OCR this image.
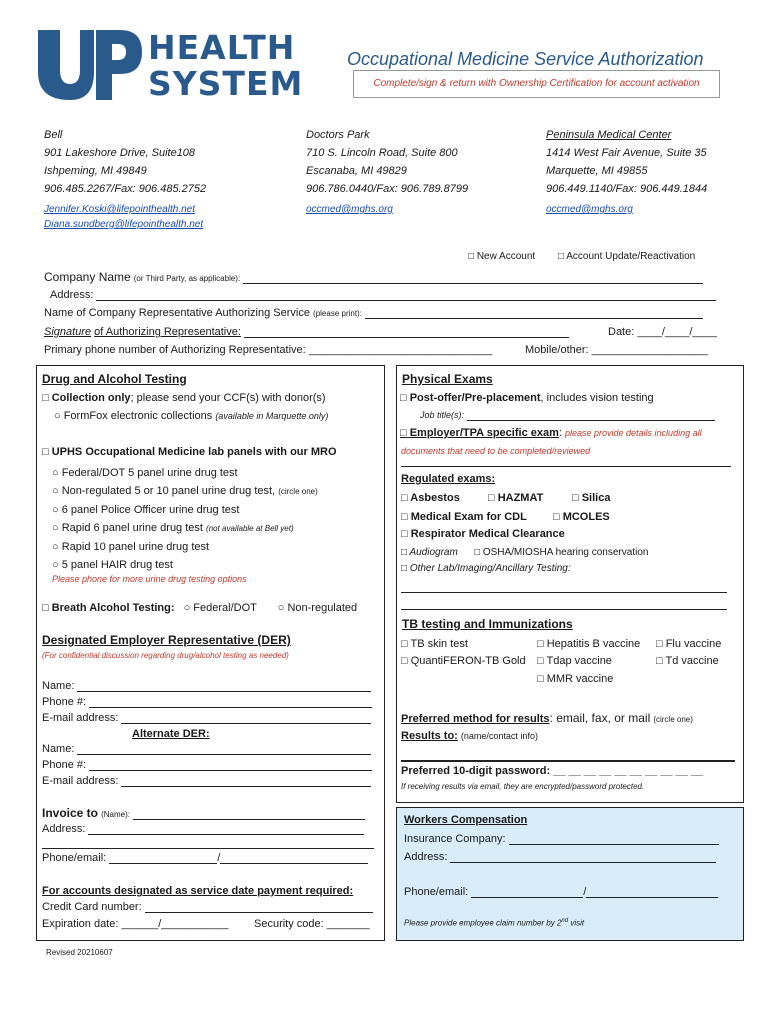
HEALTH
SYSTEM
Occupational Medicine Service Authorization
Complete/sign & return with Ownership Certification for account activation
Bell
901 Lakeshore Drive, Suite108
Ishpeming, MI 49849
906.485.2267/Fax: 906.485.2752
Jennifer.Koski@lifepointhealth.net
Diana.sundberg@lifepointhealth.net
Doctors Park
710 S. Lincoln Road, Suite 800
Escanaba, MI 49829
906.786.0440/Fax: 906.789.8799
occmed@mghs.org
Peninsula Medical Center
1414 West Fair Avenue, Suite 35
Marquette, MI 49855
906.449.1140/Fax: 906.449.1844
occmed@mghs.org
□ New Account □ Account Update/Reactivation
Company Name (or Third Party, as applicable):
Address:
Name of Company Representative Authorizing Service (please print):
Signature of Authorizing Representative:	Date: ____/____/____
Primary phone number of Authorizing Representative: ______________________________	Mobile/other: ___________________
Drug and Alcohol Testing
□ Collection only; please send your CCF(s) with donor(s)
○ FormFox electronic collections (available in Marquette only)
□ UPHS Occupational Medicine lab panels with our MRO
○ Federal/DOT 5 panel urine drug test
○ Non-regulated 5 or 10 panel urine drug test, (circle one)
○ 6 panel Police Officer urine drug test
○ Rapid 6 panel urine drug test (not available at Bell yet)
○ Rapid 10 panel urine drug test
○ 5 panel HAIR drug test
Please phone for more urine drug testing options
□ Breath Alcohol Testing: ○ Federal/DOT ○ Non-regulated
Designated Employer Representative (DER)
(For confidential discussion regarding drug/alcohol testing as needed)
Name:
Phone #:
E-mail address:
Alternate DER:
Name:
Phone #:
E-mail address:
Invoice to (Name):
Address:
Phone/email:	/
For accounts designated as service date payment required:
Credit Card number:
Expiration date: ______/___________ Security code: _______
Revised 20210607
Physical Exams
□ Post-offer/Pre-placement, includes vision testing
Job title(s):
□ Employer/TPA specific exam: please provide details including all
documents that need to be completed/reviewed
Regulated exams:
□ Asbestos	□ HAZMAT	□ Silica
□ Medical Exam for CDL □ MCOLES
□ Respirator Medical Clearance
□ Audiogram □ OSHA/MIOSHA hearing conservation
□ Other Lab/Imaging/Ancillary Testing:
TB testing and Immunizations
□ TB skin test	□ Hepatitis B vaccine □ Flu vaccine
□ QuantiFERON-TB Gold □ Tdap vaccine	□ Td vaccine
□ MMR vaccine
Preferred method for results: email, fax, or mail (circle one)
Results to: (name/contact info)
Preferred 10-digit password: __ __ __ __ __ __ __ __ __ __
If receiving results via email, they are encrypted/password protected.
Workers Compensation
Insurance Company:
Address:
Phone/email:	/
Please provide employee claim number by 2nd visit
